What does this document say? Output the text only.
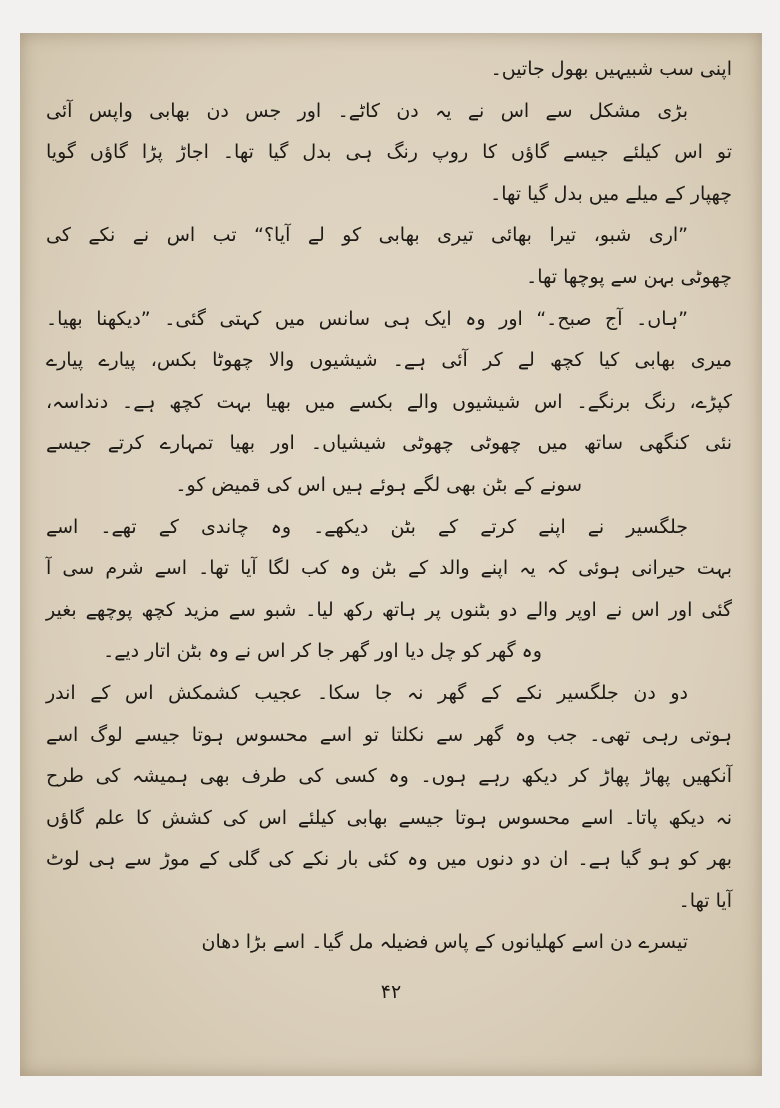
اپنی سب شبیہیں بھول جاتیں۔
بڑی مشکل سے اس نے یہ دن کاٹے۔ اور جس دن بھابی واپس آئی
تو اس کیلئے جیسے گاؤں کا روپ رنگ ہی بدل گیا تھا۔ اجاڑ پڑا گاؤں گویا
چھپار کے میلے میں بدل گیا تھا۔
”اری شبو، تیرا بھائی تیری بھابی کو لے آیا؟“ تب اس نے نکے کی
چھوٹی بہن سے پوچھا تھا۔
”ہاں۔ آج صبح۔“ اور وہ ایک ہی سانس میں کہتی گئی۔ ”دیکھنا بھیا۔
میری بھابی کیا کچھ لے کر آئی ہے۔ شیشیوں والا چھوٹا بکس، پیارے پیارے
کپڑے، رنگ برنگے۔ اس شیشیوں والے بکسے میں بھیا بہت کچھ ہے۔ دنداسہ،
نئی کنگھی ساتھ میں چھوٹی چھوٹی شیشیاں۔ اور بھیا تمہارے کرتے جیسے
سونے کے بٹن بھی لگے ہوئے ہیں اس کی قمیض کو۔
جلگسیر نے اپنے کرتے کے بٹن دیکھے۔ وہ چاندی کے تھے۔ اسے
بہت حیرانی ہوئی کہ یہ اپنے والد کے بٹن وہ کب لگا آیا تھا۔ اسے شرم سی آ
گئی اور اس نے اوپر والے دو بٹنوں پر ہاتھ رکھ لیا۔ شبو سے مزید کچھ پوچھے بغیر
وہ گھر کو چل دیا اور گھر جا کر اس نے وہ بٹن اتار دیے۔
دو دن جلگسیر نکے کے گھر نہ جا سکا۔ عجیب کشمکش اس کے اندر
ہوتی رہی تھی۔ جب وہ گھر سے نکلتا تو اسے محسوس ہوتا جیسے لوگ اسے
آنکھیں پھاڑ پھاڑ کر دیکھ رہے ہوں۔ وہ کسی کی طرف بھی ہمیشہ کی طرح
نہ دیکھ پاتا۔ اسے محسوس ہوتا جیسے بھابی کیلئے اس کی کشش کا علم گاؤں
بھر کو ہو گیا ہے۔ ان دو دنوں میں وہ کئی بار نکے کی گلی کے موڑ سے ہی لوٹ
آیا تھا۔
تیسرے دن اسے کھلیانوں کے پاس فضیلہ مل گیا۔ اسے بڑا دھان
۴۲
